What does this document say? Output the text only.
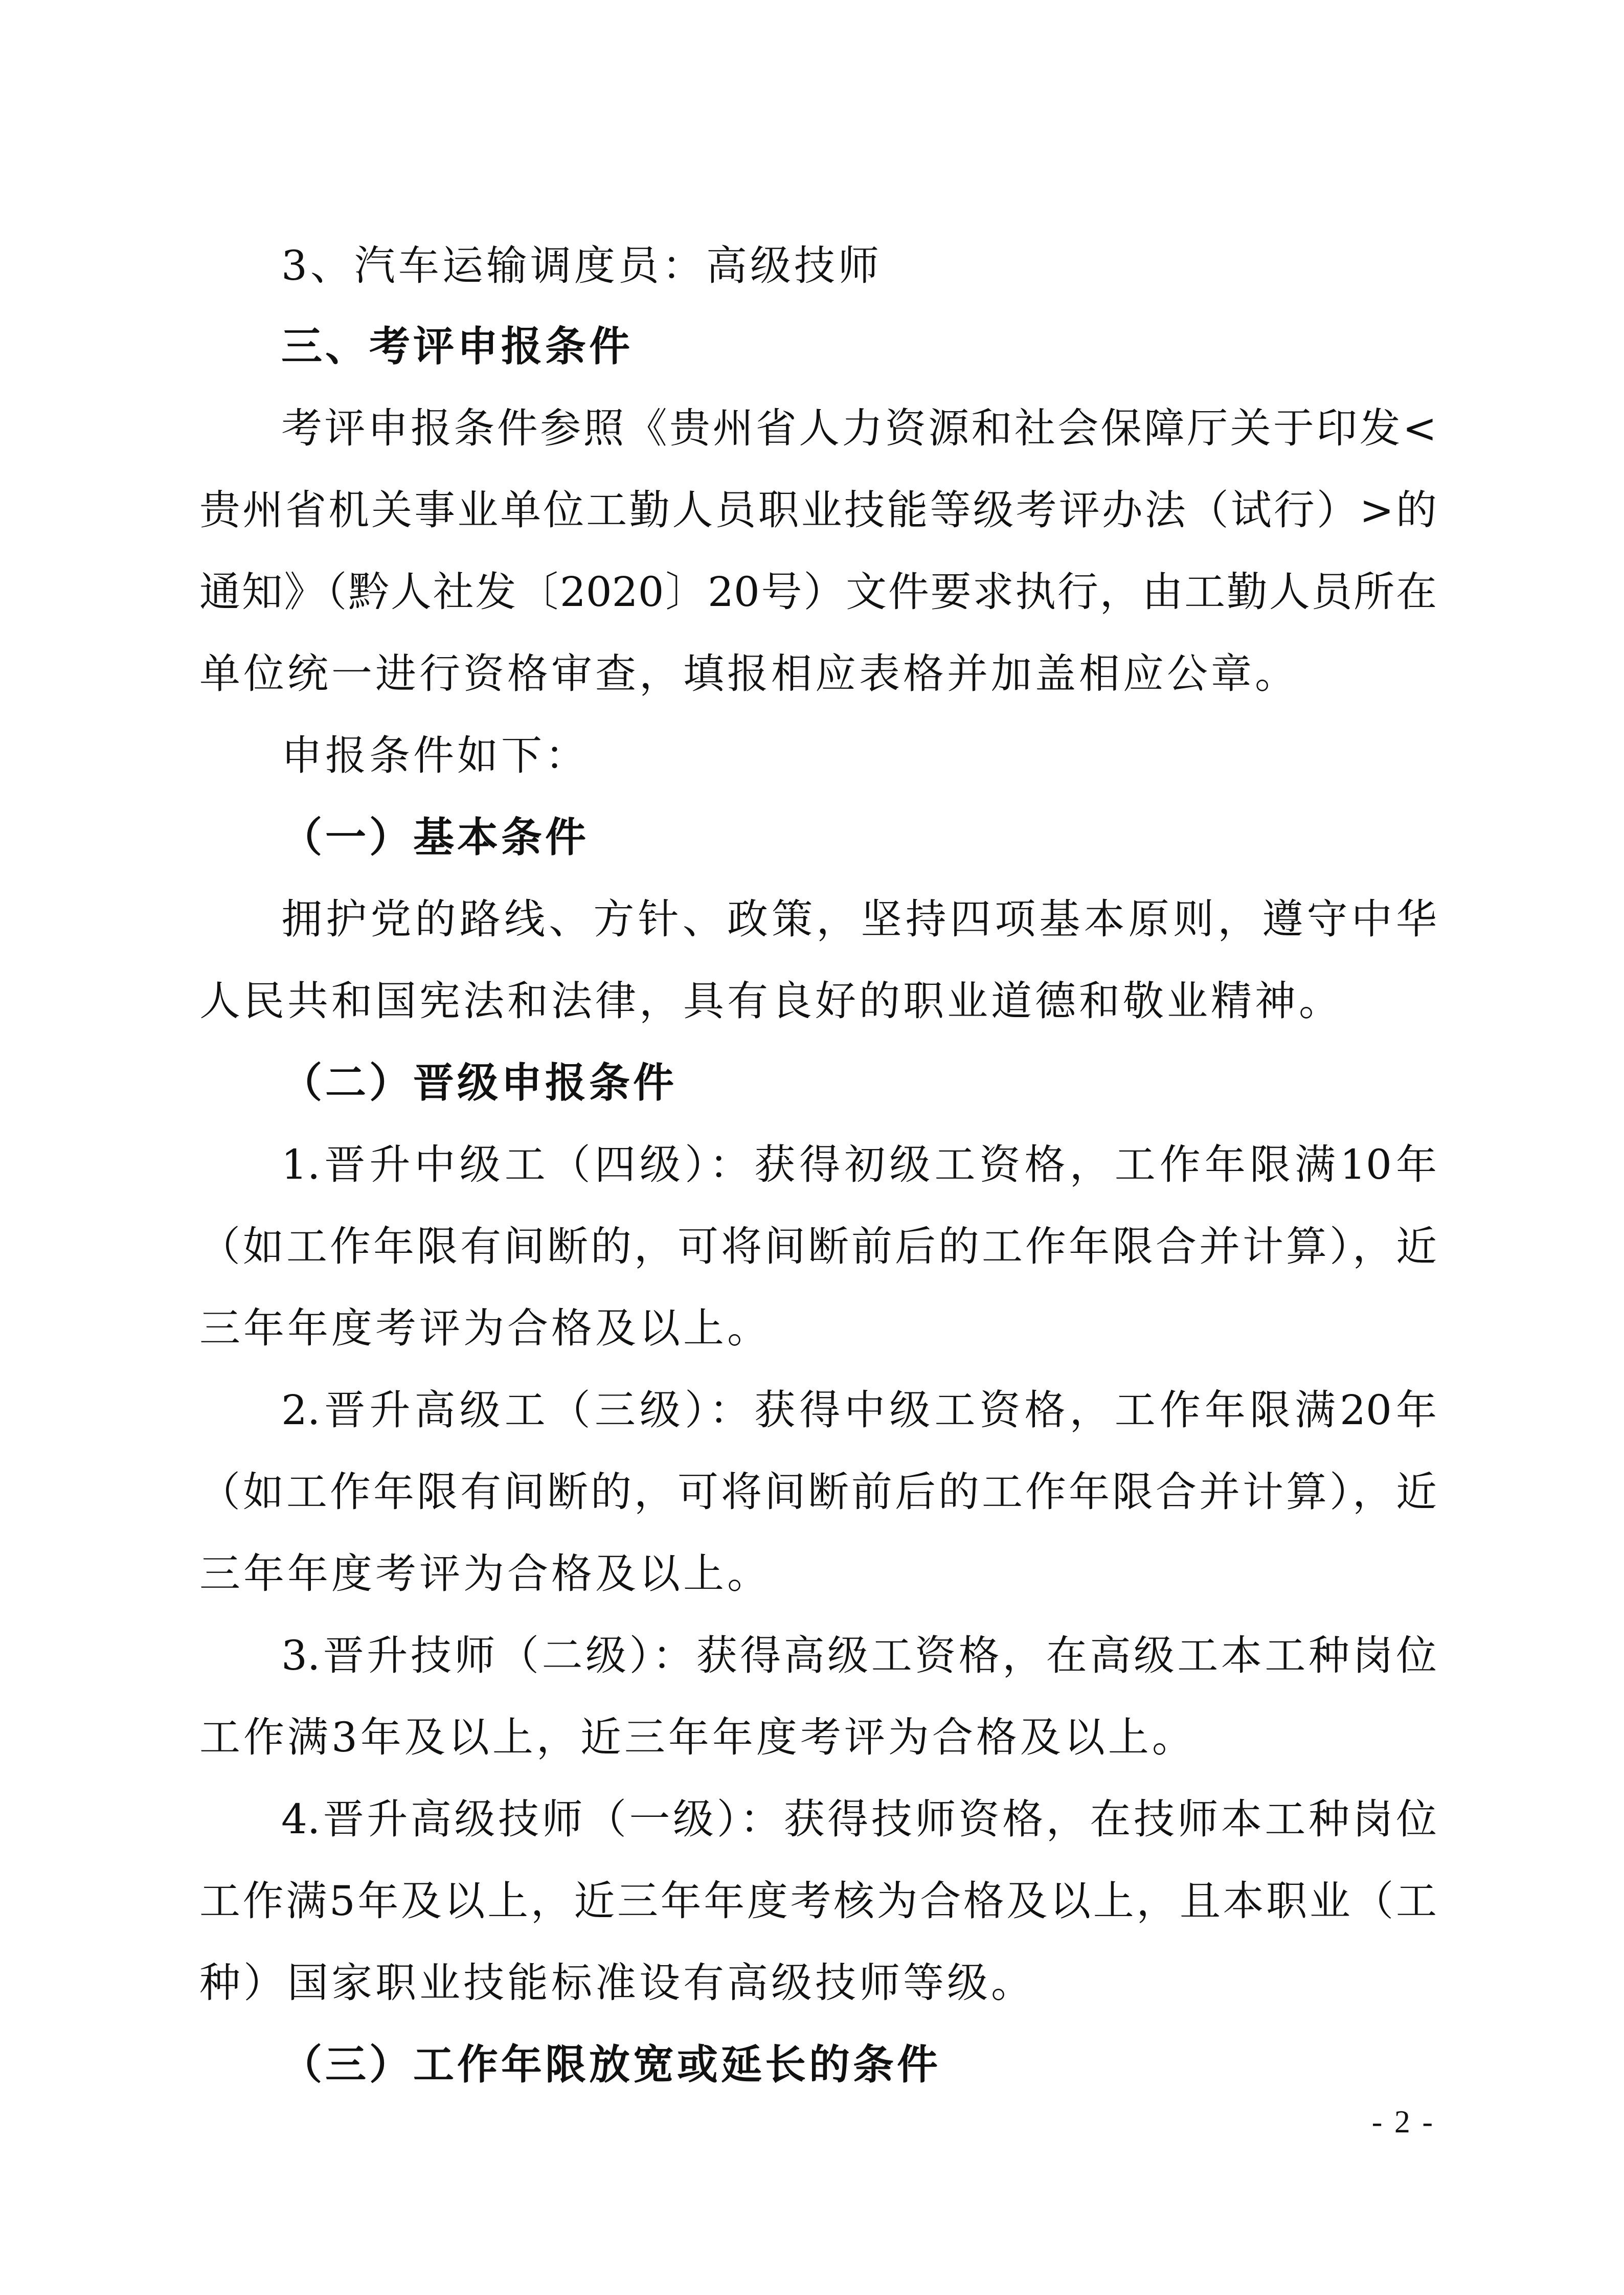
3、汽车运输调度员：高级技师
三、考评申报条件
考评申报条件参照《贵州省人力资源和社会保障厅关于印发<
贵州省机关事业单位工勤人员职业技能等级考评办法（试行）>的
通知》（黔人社发〔2020〕20号）文件要求执行，由工勤人员所在
单位统一进行资格审查，填报相应表格并加盖相应公章。
申报条件如下：
（一）基本条件
拥护党的路线、方针、政策，坚持四项基本原则，遵守中华
人民共和国宪法和法律，具有良好的职业道德和敬业精神。
（二）晋级申报条件
1.晋升中级工（四级）：获得初级工资格，工作年限满10年
（如工作年限有间断的，可将间断前后的工作年限合并计算），近
三年年度考评为合格及以上。
2.晋升高级工（三级）：获得中级工资格，工作年限满20年
（如工作年限有间断的，可将间断前后的工作年限合并计算），近
三年年度考评为合格及以上。
3.晋升技师（二级）：获得高级工资格，在高级工本工种岗位
工作满3年及以上，近三年年度考评为合格及以上。
4.晋升高级技师（一级）：获得技师资格，在技师本工种岗位
工作满5年及以上，近三年年度考核为合格及以上，且本职业（工
种）国家职业技能标准设有高级技师等级。
（三）工作年限放宽或延长的条件
- 2 -
